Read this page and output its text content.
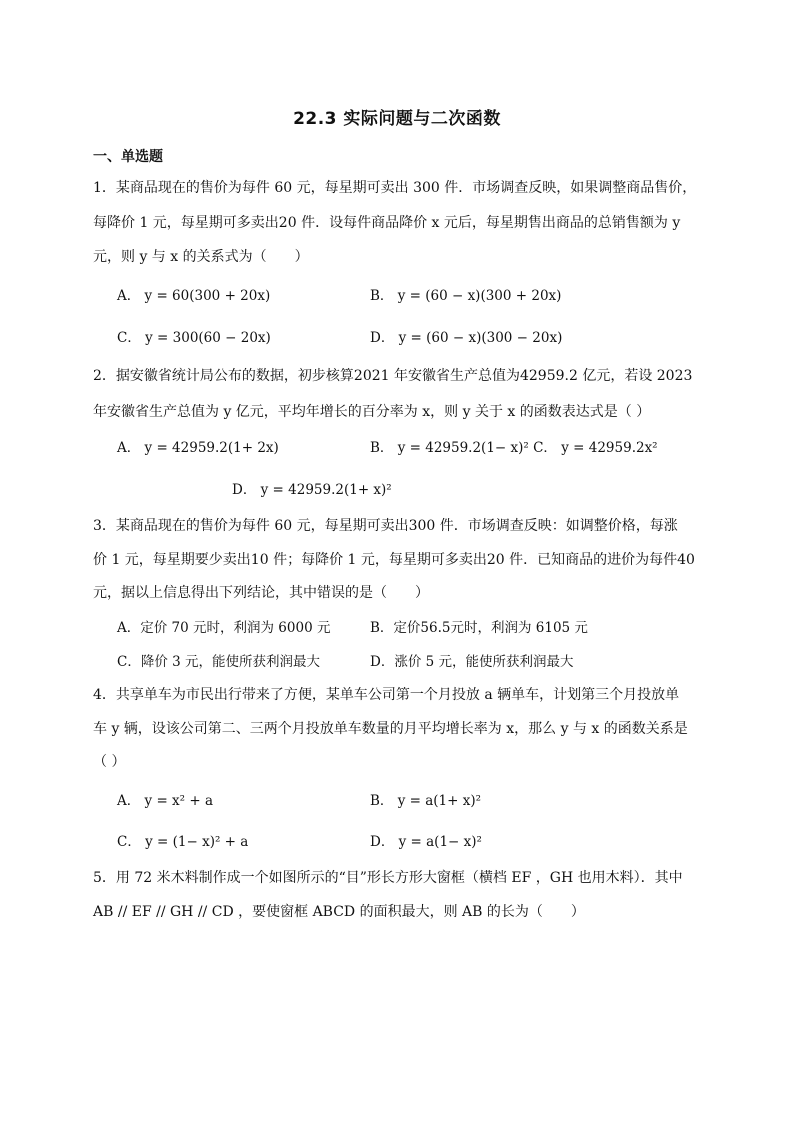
22.3 实际问题与二次函数
一、单选题
1．某商品现在的售价为每件 60 元，每星期可卖出 300 件．市场调查反映，如果调整商品售价，
每降价 1 元，每星期可多卖出20 件．设每件商品降价 x 元后，每星期售出商品的总销售额为 y
元，则 y 与 x 的关系式为（　　）
A． y = 60(300 + 20x)	B． y = (60 − x)(300 + 20x)
C． y = 300(60 − 20x)	D． y = (60 − x)(300 − 20x)
2．据安徽省统计局公布的数据，初步核算2021 年安徽省生产总值为42959.2 亿元，若设 2023
年安徽省生产总值为 y 亿元，平均年增长的百分率为 x，则 y 关于 x 的函数表达式是（ ）
A． y = 42959.2(1+ 2x)	B． y = 42959.2(1− x)² C． y = 42959.2x²
D． y = 42959.2(1+ x)²
3．某商品现在的售价为每件 60 元，每星期可卖出300 件．市场调查反映：如调整价格，每涨
价 1 元，每星期要少卖出10 件；每降价 1 元，每星期可多卖出20 件．已知商品的进价为每件40
元，据以上信息得出下列结论，其中错误的是（　　）
A．定价 70 元时，利润为 6000 元	B．定价56.5元时，利润为 6105 元
C．降价 3 元，能使所获利润最大	D．涨价 5 元，能使所获利润最大
4．共享单车为市民出行带来了方便，某单车公司第一个月投放 a 辆单车，计划第三个月投放单
车 y 辆，设该公司第二、三两个月投放单车数量的月平均增长率为 x，那么 y 与 x 的函数关系是
（ ）
A． y = x² + a	B． y = a(1+ x)²
C． y = (1− x)² + a	D． y = a(1− x)²
5．用 72 米木料制作成一个如图所示的“目”形长方形大窗框（横档 EF ，GH 也用木料）．其中
AB // EF // GH // CD ，要使窗框 ABCD 的面积最大，则 AB 的长为（　　）
